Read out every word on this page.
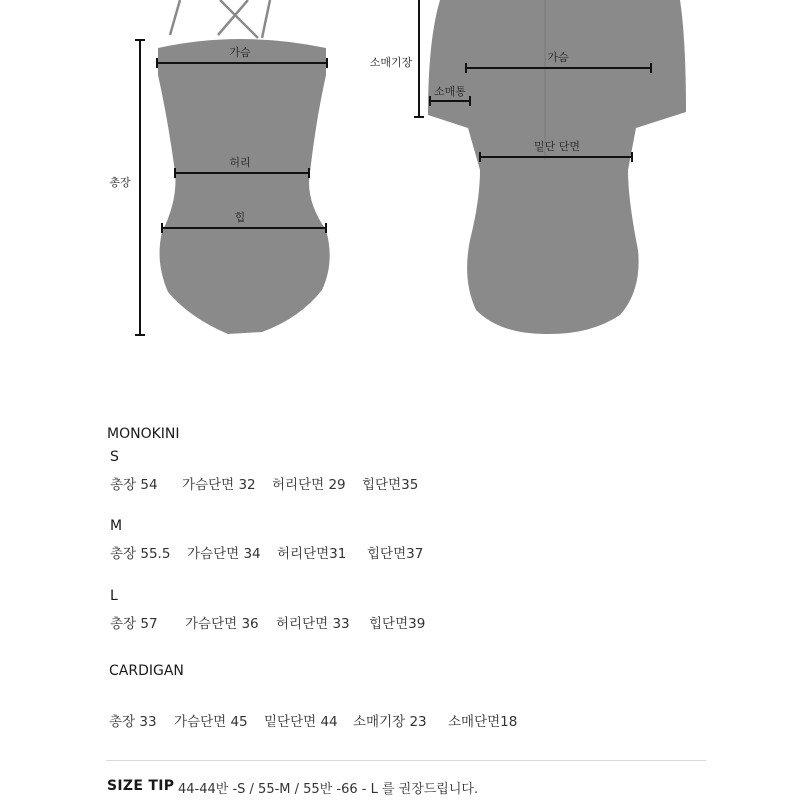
가슴
허리
힙
총장
소매기장
소매통
가슴
밑단 단면
MONOKINI
S
총장 54 가슴단면 32 허리단면 29 힙단면35
M
총장 55.5 가슴단면 34 허리단면31 힙단면37
L
총장 57 가슴단면 36 허리단면 33 힙단면39
CARDIGAN
총장 33 가슴단면 45 밑단단면 44 소매기장 23 소매단면18
SIZE TIP 44-44반 -S / 55-M / 55반 -66 - L 를 권장드립니다.
